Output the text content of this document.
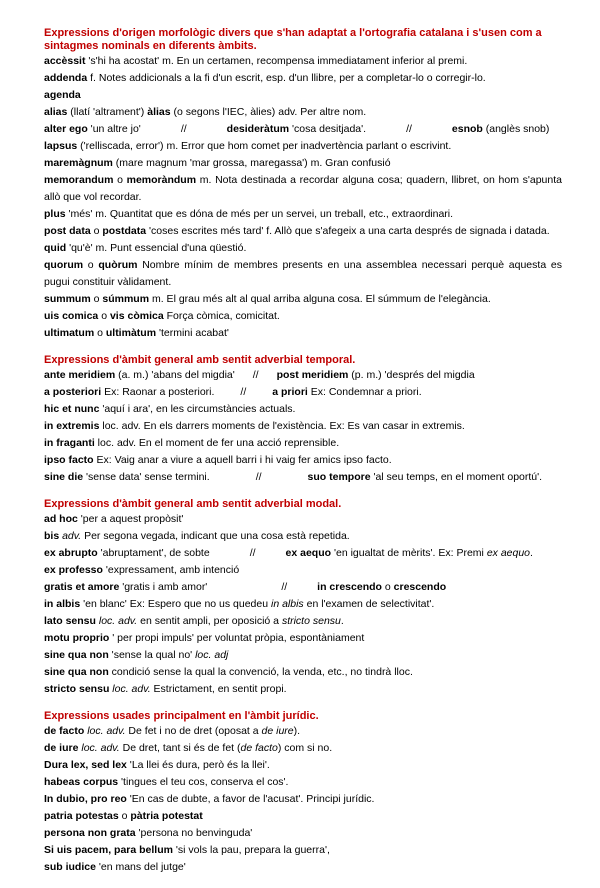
Expressions d'origen morfològic divers que s'han adaptat a l'ortografia catalana i s'usen com a sintagmes nominals en diferents àmbits.

accèssit 's'hi ha acostat' m. En un certamen, recompensa immediatament inferior al premi.
addenda f. Notes addicionals a la fi d'un escrit, esp. d'un llibre, per a completar-lo o corregir-lo.
agenda
alias (llatí 'altrament') àlias (o segons l'IEC, àlies) adv. Per altre nom.
alter ego 'un altre jo'	//	desideràtum 'cosa desitjada'.	//	esnob (anglès snob)
lapsus ('relliscada, error') m. Error que hom comet per inadvertència parlant o escrivint.
maremàgnum (mare magnum 'mar grossa, maregassa') m. Gran confusió
memorandum o memoràndum m. Nota destinada a recordar alguna cosa; quadern, llibret, on hom s'apunta allò que vol recordar.
plus 'més' m. Quantitat que es dóna de més per un servei, un treball, etc., extraordinari.
post data o postdata 'coses escrites més tard' f. Allò que s'afegeix a una carta després de signada i datada.
quid 'qu'è' m. Punt essencial d'una qüestió.
quorum o quòrum Nombre mínim de membres presents en una assemblea necessari perquè aquesta es pugui constituir vàlidament.
summum o súmmum m. El grau més alt al qual arriba alguna cosa. El súmmum de l'elegància.
uis comica o vis còmica Força còmica, comicitat.
ultimatum o ultimàtum 'termini acabat'

Expressions d'àmbit general amb sentit adverbial temporal.

ante meridiem (a. m.) 'abans del migdia' // post meridiem (p. m.) 'després del migdia
a posteriori Ex: Raonar a posteriori. // a priori Ex: Condemnar a priori.
hic et nunc 'aquí i ara', en les circumstàncies actuals.
in extremis loc. adv. En els darrers moments de l'existència. Ex: Es van casar in extremis.
in fraganti loc. adv. En el moment de fer una acció reprensible.
ipso facto Ex: Vaig anar a viure a aquell barri i hi vaig fer amics ipso facto.
sine die 'sense data' sense termini.	//	suo tempore 'al seu temps, en el moment oportú'.

Expressions d'àmbit general amb sentit adverbial modal.

ad hoc 'per a aquest propòsit'
bis adv. Per segona vegada, indicant que una cosa està repetida.
ex abrupto 'abruptament', de sobte	//	ex aequo 'en igualtat de mèrits'. Ex: Premi ex aequo.
ex professo 'expressament, amb intenció
gratis et amore 'gratis i amb amor'	//	in crescendo o crescendo
in albis 'en blanc' Ex: Espero que no us quedeu in albis en l'examen de selectivitat'.
lato sensu loc. adv. en sentit ampli, per oposició a stricto sensu.
motu proprio ' per propi impuls' per voluntat pròpia, espontàniament
sine qua non 'sense la qual no' loc. adj
sine qua non condició sense la qual la convenció, la venda, etc., no tindrà lloc.
stricto sensu loc. adv. Estrictament, en sentit propi.

Expressions usades principalment en l'àmbit jurídic.

de facto loc. adv. De fet i no de dret (oposat a de iure).
de iure loc. adv. De dret, tant si és de fet (de facto) com si no.
Dura lex, sed lex 'La llei és dura, però és la llei'.
habeas corpus 'tingues el teu cos, conserva el cos'.
In dubio, pro reo 'En cas de dubte, a favor de l'acusat'. Principi jurídic.
patria potestas o pàtria potestat
persona non grata 'persona no benvinguda'
Si uis pacem, para bellum 'si vols la pau, prepara la guerra',
sub iudice 'en mans del jutge'
